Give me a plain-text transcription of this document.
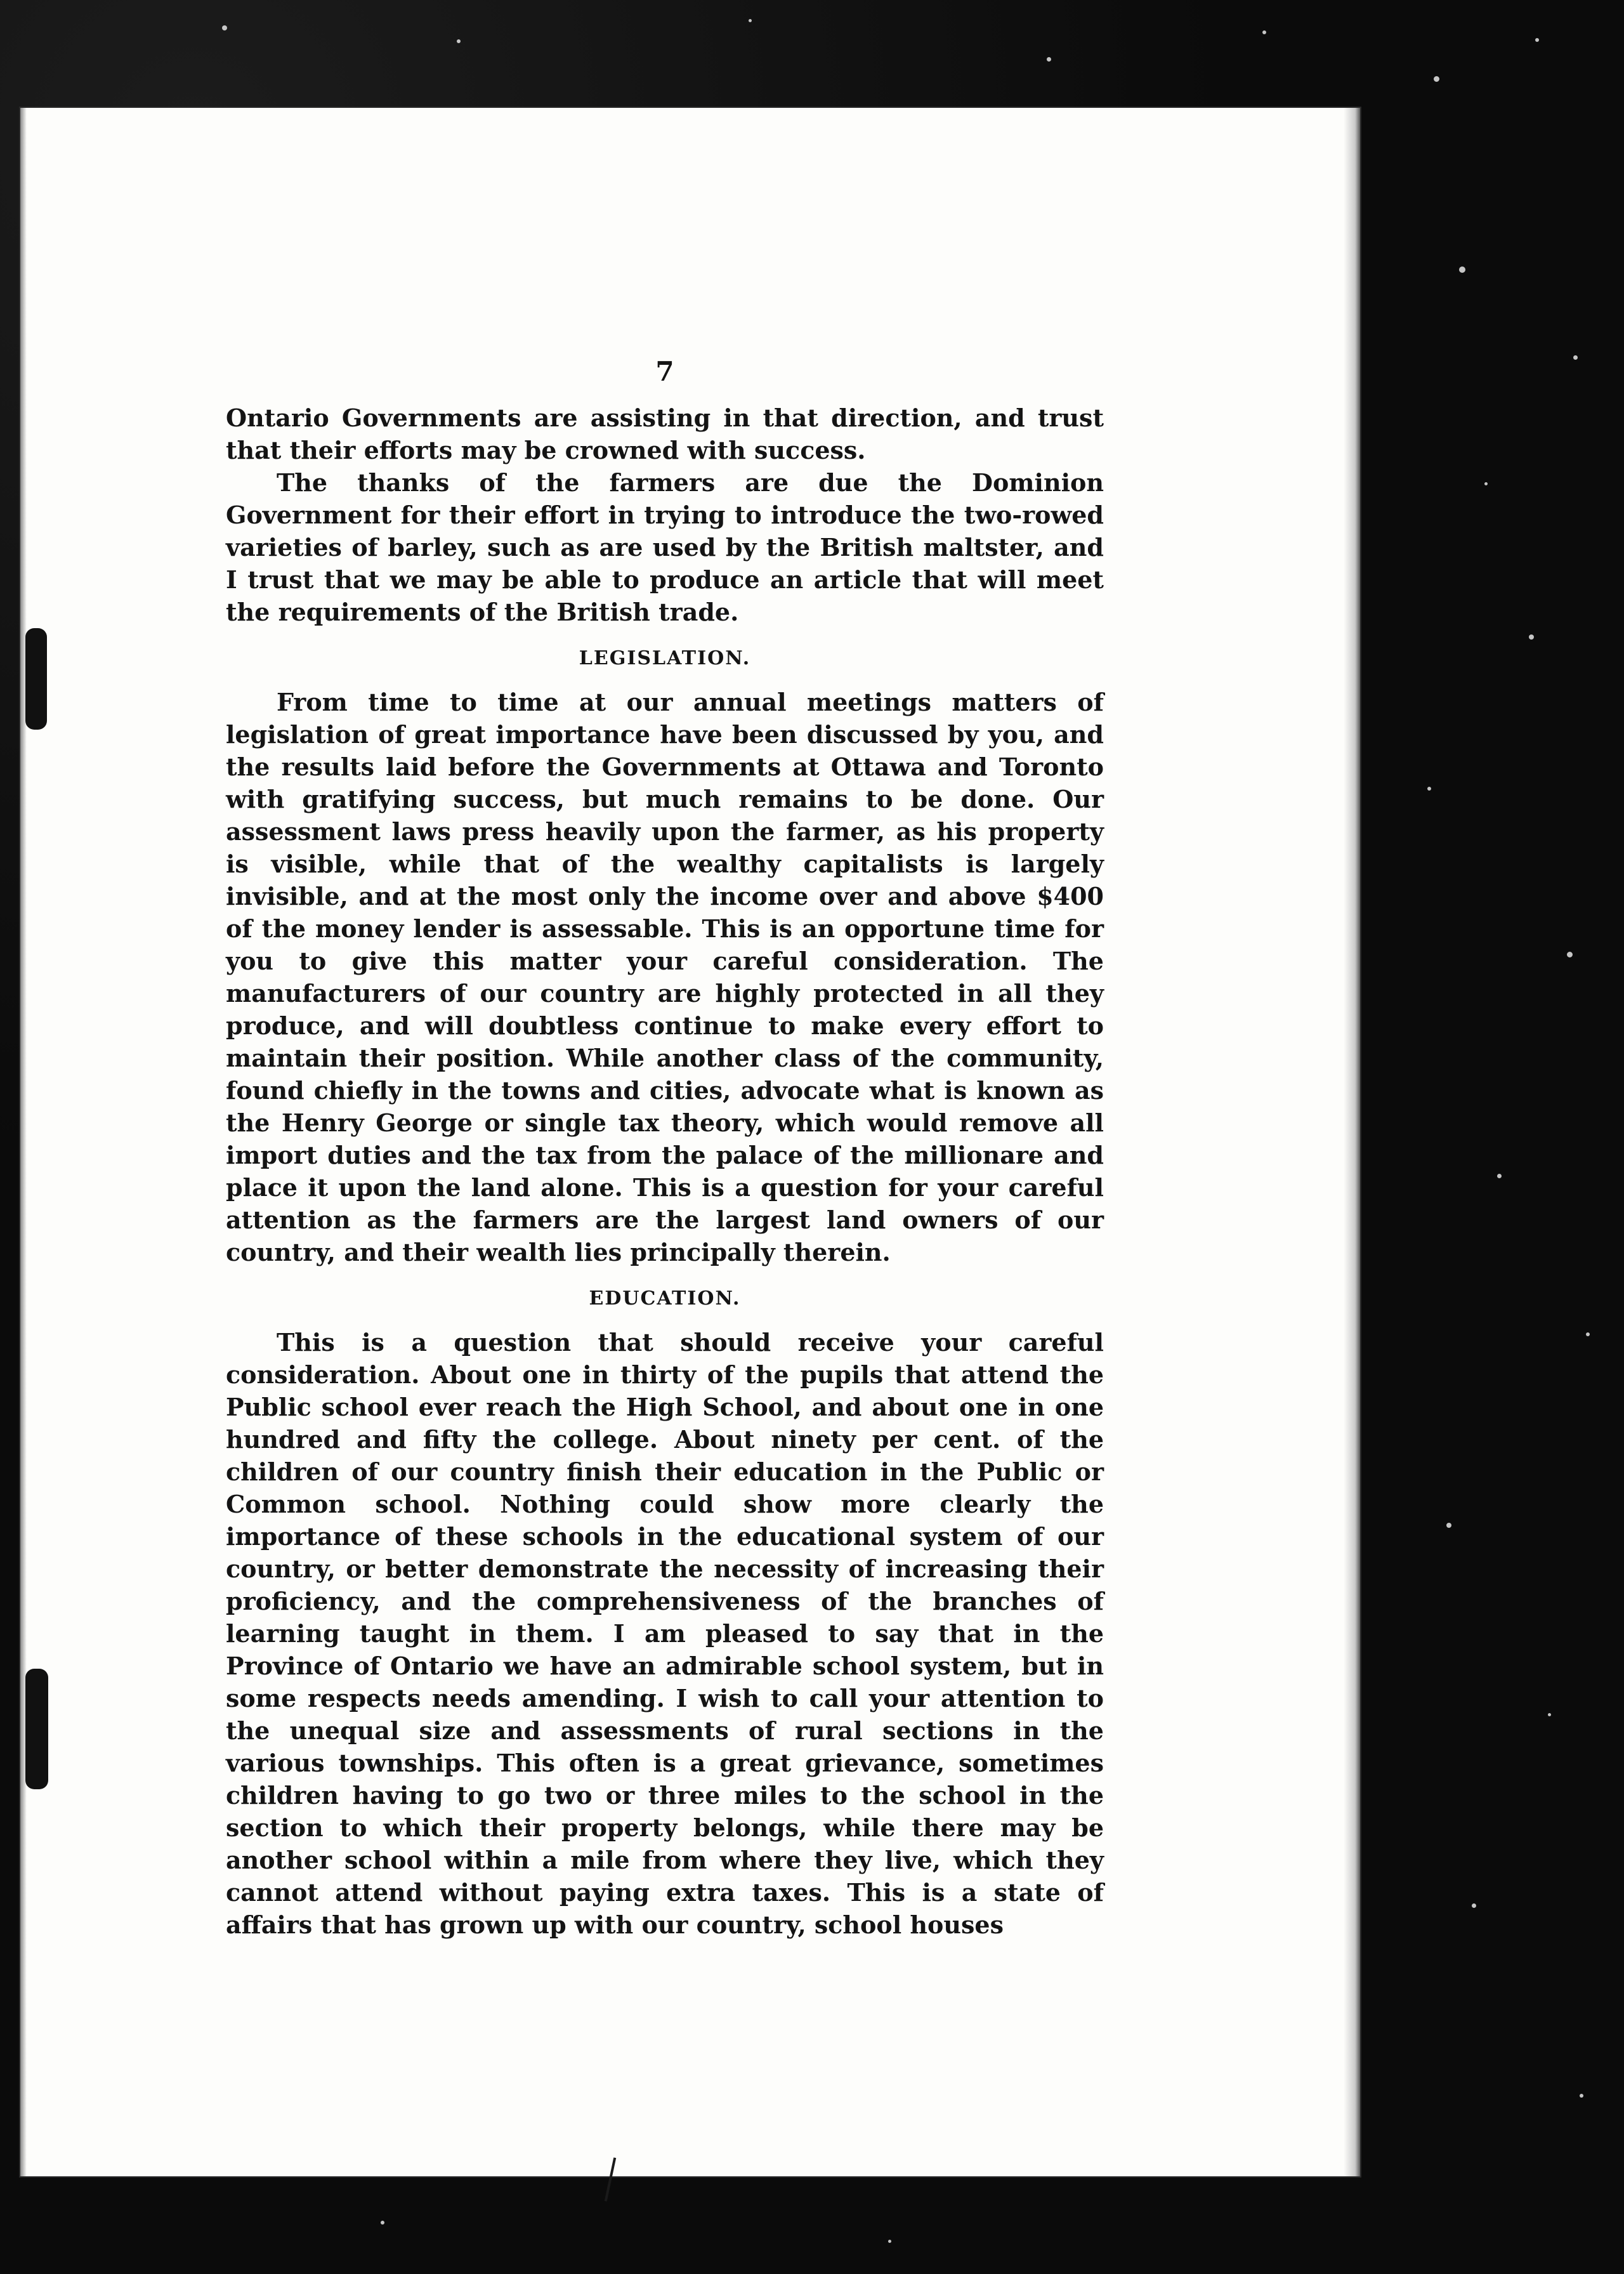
7

Ontario Governments are assisting in that direction, and trust that their efforts may be crowned with success.

The thanks of the farmers are due the Dominion Government for their effort in trying to introduce the two-rowed varieties of barley, such as are used by the British maltster, and I trust that we may be able to produce an article that will meet the requirements of the British trade.

LEGISLATION.

From time to time at our annual meetings matters of legislation of great importance have been discussed by you, and the results laid before the Governments at Ottawa and Toronto with gratifying success, but much remains to be done. Our assessment laws press heavily upon the farmer, as his property is visible, while that of the wealthy capitalists is largely invisible, and at the most only the income over and above $400 of the money lender is assessable. This is an opportune time for you to give this matter your careful consideration. The manufacturers of our country are highly protected in all they produce, and will doubtless continue to make every effort to maintain their position. While another class of the community, found chiefly in the towns and cities, advocate what is known as the Henry George or single tax theory, which would remove all import duties and the tax from the palace of the millionare and place it upon the land alone. This is a question for your careful attention as the farmers are the largest land owners of our country, and their wealth lies principally therein.

EDUCATION.

This is a question that should receive your careful consideration. About one in thirty of the pupils that attend the Public school ever reach the High School, and about one in one hundred and fifty the college. About ninety per cent. of the children of our country finish their education in the Public or Common school. Nothing could show more clearly the importance of these schools in the educational system of our country, or better demonstrate the necessity of increasing their proficiency, and the comprehensiveness of the branches of learning taught in them. I am pleased to say that in the Province of Ontario we have an admirable school system, but in some respects needs amending. I wish to call your attention to the unequal size and assessments of rural sections in the various townships. This often is a great grievance, sometimes children having to go two or three miles to the school in the section to which their property belongs, while there may be another school within a mile from where they live, which they cannot attend without paying extra taxes. This is a state of affairs that has grown up with our country, school houses
